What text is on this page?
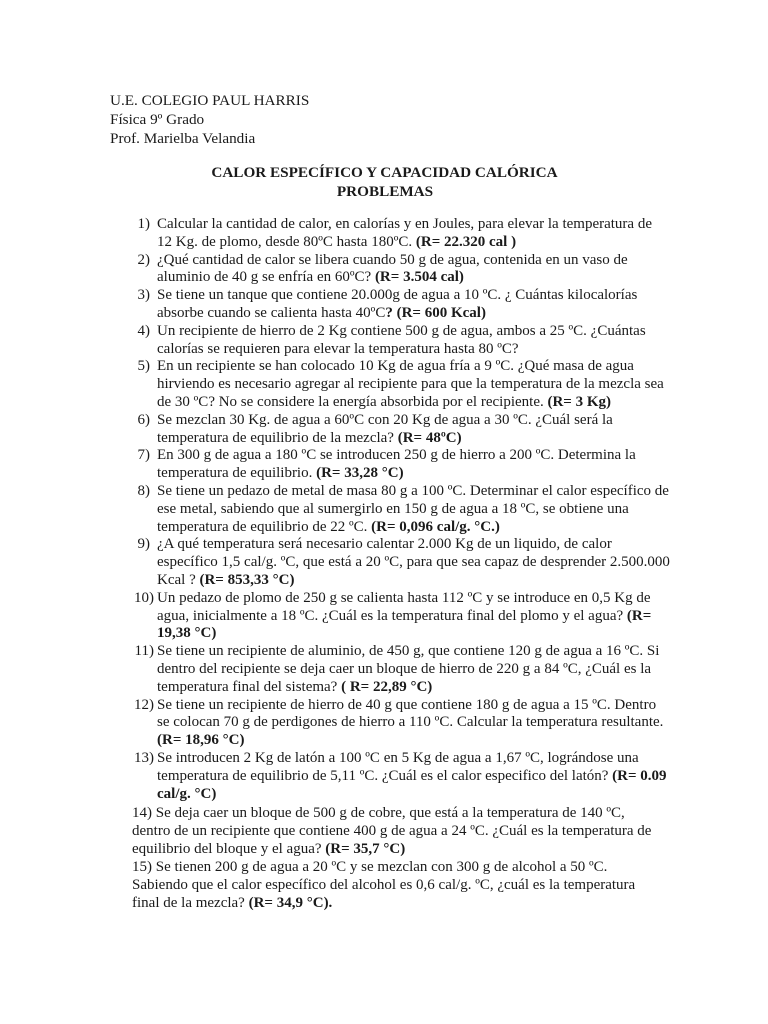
U.E. COLEGIO PAUL HARRIS
Física 9º Grado
Prof. Marielba Velandia
CALOR ESPECÍFICO Y CAPACIDAD CALÓRICA
PROBLEMAS
1) Calcular la cantidad de calor, en calorías y en Joules, para elevar la temperatura de 12 Kg. de plomo, desde 80ºC hasta 180ºC. (R= 22.320 cal )
2) ¿Qué cantidad de calor se libera cuando 50 g de agua, contenida en un vaso de aluminio de 40 g se enfría en 60ºC? (R= 3.504 cal)
3) Se tiene un tanque que contiene 20.000g de agua a 10 ºC. ¿ Cuántas kilocalorías absorbe cuando se calienta hasta 40ºC? (R= 600 Kcal)
4) Un recipiente de hierro de 2 Kg contiene 500 g de agua, ambos a 25 ºC. ¿Cuántas calorías se requieren para elevar la temperatura hasta 80 ºC?
5) En un recipiente se han colocado 10 Kg de agua fría a 9 ºC. ¿Qué masa de agua hirviendo es necesario agregar al recipiente para que la temperatura de la mezcla sea de 30 ºC? No se considere la energía absorbida por el recipiente. (R= 3 Kg)
6) Se mezclan 30 Kg. de agua a 60ºC con 20 Kg de agua a 30 ºC. ¿Cuál será la temperatura de equilibrio de la mezcla? (R= 48ºC)
7) En 300 g de agua a 180 ºC se introducen 250 g de hierro a 200 ºC. Determina la temperatura de equilibrio. (R= 33,28 °C)
8) Se tiene un pedazo de metal de masa 80 g a 100 ºC. Determinar el calor específico de ese metal, sabiendo que al sumergirlo en 150 g de agua a 18 ºC, se obtiene una temperatura de equilibrio de 22 ºC. (R= 0,096 cal/g. °C.)
9) ¿A qué temperatura será necesario calentar 2.000 Kg de un liquido, de calor específico 1,5 cal/g. ºC, que está a 20 ºC, para que sea capaz de desprender 2.500.000 Kcal ? (R= 853,33 °C)
10) Un pedazo de plomo de 250 g se calienta hasta 112 ºC y se introduce en 0,5 Kg de agua, inicialmente a 18 ºC. ¿Cuál es la temperatura final del plomo y el agua? (R= 19,38 °C)
11) Se tiene un recipiente de aluminio, de 450 g, que contiene 120 g de agua a 16 ºC. Si dentro del recipiente se deja caer un bloque de hierro de 220 g a 84 ºC, ¿Cuál es la temperatura final del sistema? ( R= 22,89 °C)
12) Se tiene un recipiente de hierro de 40 g que contiene 180 g de agua a 15 ºC. Dentro se colocan 70 g de perdigones de hierro a 110 ºC. Calcular la temperatura resultante. (R= 18,96 °C)
13) Se introducen 2 Kg de latón a 100 ºC en 5 Kg de agua a 1,67 ºC, lográndose una temperatura de equilibrio de 5,11 ºC. ¿Cuál es el calor especifico del latón? (R= 0.09 cal/g. °C)
14) Se deja caer un bloque de 500 g de cobre, que está a la temperatura de 140 ºC, dentro de un recipiente que contiene 400 g de agua a 24 ºC. ¿Cuál es la temperatura de equilibrio del bloque y el agua? (R= 35,7 °C)
15) Se tienen 200 g de agua a 20 ºC y se mezclan con 300 g de alcohol a 50 ºC. Sabiendo que el calor específico del alcohol es 0,6 cal/g. ºC, ¿cuál es la temperatura final de la mezcla? (R= 34,9 °C).
